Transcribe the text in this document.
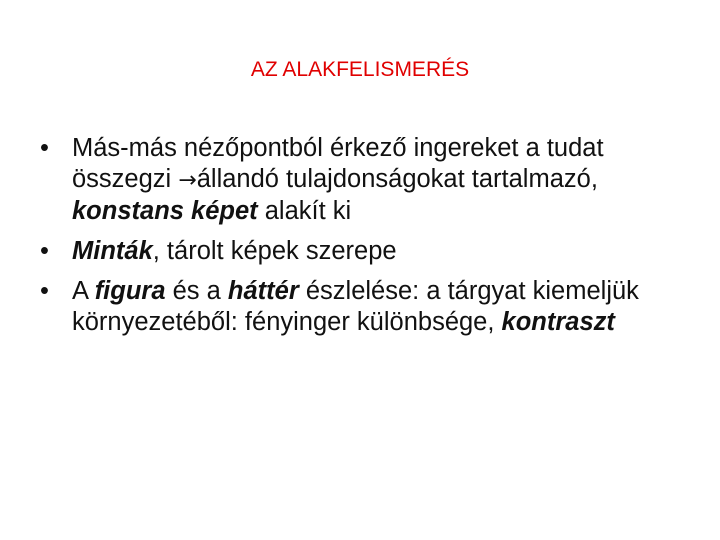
AZ ALAKFELISMERÉS
• Más-más nézőpontból érkező ingereket a tudat összegzi →állandó tulajdonságokat tartalmazó, konstans képet alakít ki
• Minták, tárolt képek szerepe
• A figura és a háttér észlelése: a tárgyat kiemeljük környezetéből: fényinger különbsége, kontraszt
